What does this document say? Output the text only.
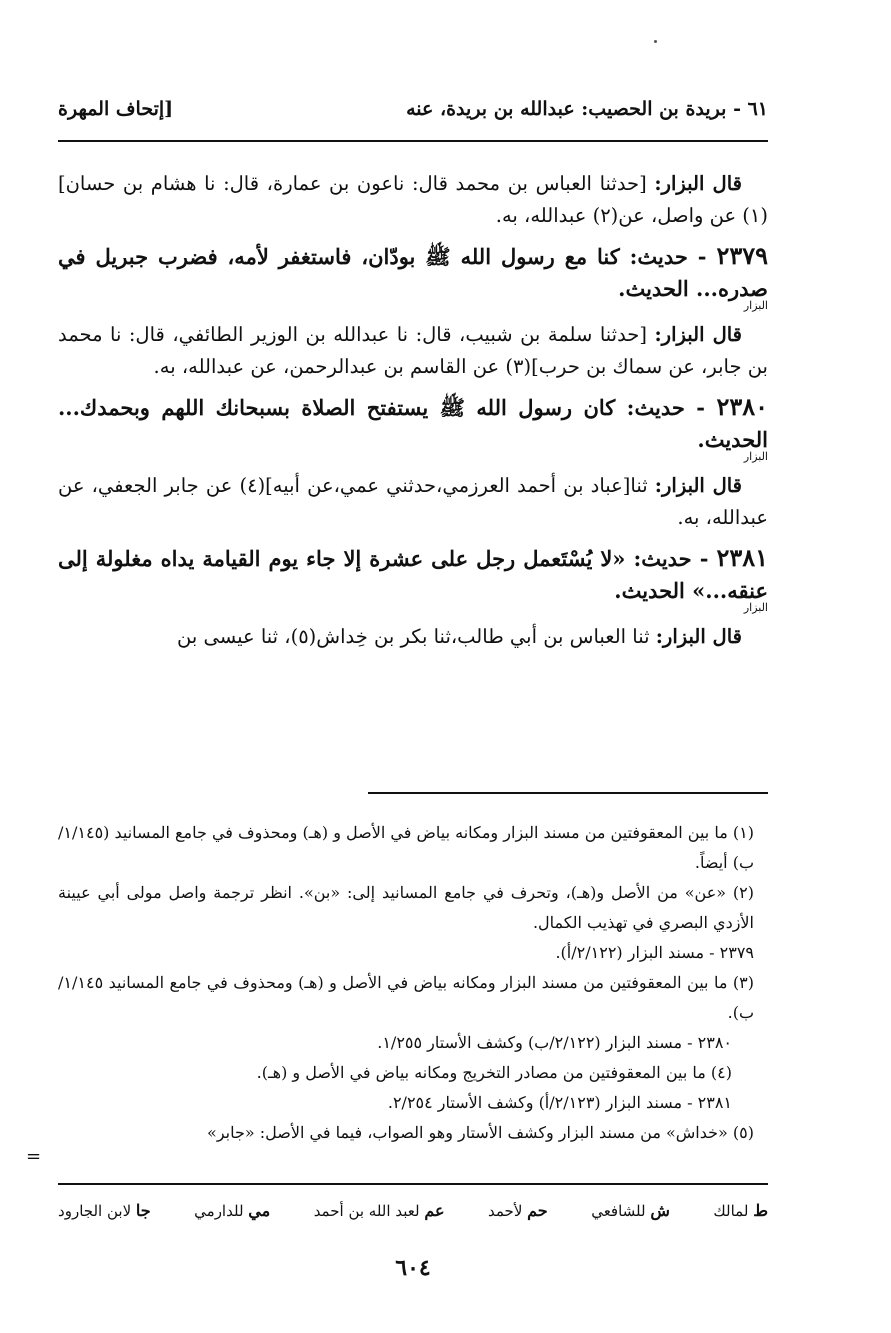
٦١ - بريدة بن الحصيب: عبدالله بن بريدة، عنه
[إتحاف المهرة

قال البزار: [حدثنا العباس بن محمد قال: ناعون بن عمارة، قال: نا هشام بن حسان](١) عن واصل، عن(٢) عبدالله، به.

٢٣٧٩ - حديث: كنا مع رسول الله ﷺ بودّان، فاستغفر لأمه، فضرب جبريل في صدره... الحديث.
البزار

قال البزار: [حدثنا سلمة بن شبيب، قال: نا عبدالله بن الوزير الطائفي، قال: نا محمد بن جابر، عن سماك بن حرب](٣) عن القاسم بن عبدالرحمن، عن عبدالله، به.

٢٣٨٠ - حديث: كان رسول الله ﷺ يستفتح الصلاة بسبحانك اللهم وبحمدك... الحديث.
البزار

قال البزار: ثنا[عباد بن أحمد العرزمي،حدثني عمي،عن أبيه](٤) عن جابر الجعفي، عن عبدالله، به.

٢٣٨١ - حديث: «لا يُسْتَعمل رجل على عشرة إلا جاء يوم القيامة يداه مغلولة إلى عنقه...» الحديث.
البزار

قال البزار: ثنا العباس بن أبي طالب،ثنا بكر بن خِداش(٥)، ثنا عيسى بن

(١) ما بين المعقوفتين من مسند البزار ومكانه بياض في الأصل و (هـ) ومحذوف في جامع المسانيد (١/١٤٥/ب) أيضاً.

(٢) «عن» من الأصل و(هـ)، وتحرف في جامع المسانيد إلى: «بن». انظر ترجمة واصل مولى أبي عيينة الأزدي البصري في تهذيب الكمال.

٢٣٧٩ - مسند البزار (٢/١٢٢/أ).

(٣) ما بين المعقوفتين من مسند البزار ومكانه بياض في الأصل و (هـ) ومحذوف في جامع المسانيد ١/١٤٥/ب).

٢٣٨٠ - مسند البزار (٢/١٢٢/ب) وكشف الأستار ١/٢٥٥.

(٤) ما بين المعقوفتين من مصادر التخريج ومكانه بياض في الأصل و (هـ).

٢٣٨١ - مسند البزار (٢/١٢٣/أ) وكشف الأستار ٢/٢٥٤.

(٥) «خداش» من مسند البزار وكشف الأستار وهو الصواب، فيما في الأصل: «جابر»

=
ط لمالك
ش للشافعي
حم لأحمد
عم لعبد الله بن أحمد
مي للدارمي
جا لابن الجارود
٦٠٤
